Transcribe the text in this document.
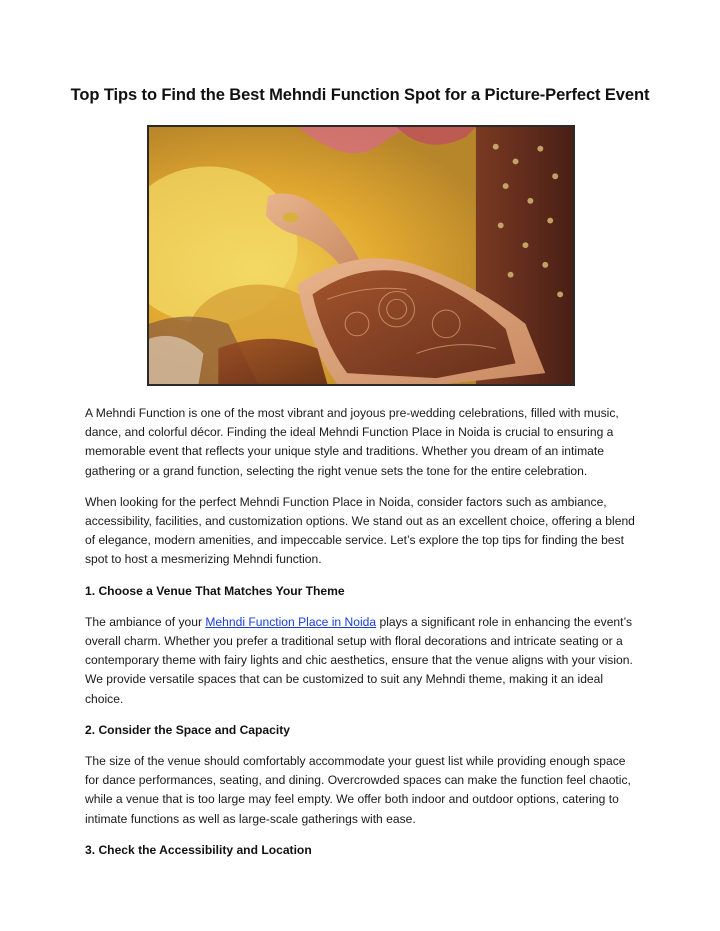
Top Tips to Find the Best Mehndi Function Spot for a Picture-Perfect Event

A Mehndi Function is one of the most vibrant and joyous pre-wedding celebrations, filled with music, dance, and colorful décor. Finding the ideal Mehndi Function Place in Noida is crucial to ensuring a memorable event that reflects your unique style and traditions. Whether you dream of an intimate gathering or a grand function, selecting the right venue sets the tone for the entire celebration.

When looking for the perfect Mehndi Function Place in Noida, consider factors such as ambiance, accessibility, facilities, and customization options. We stand out as an excellent choice, offering a blend of elegance, modern amenities, and impeccable service. Let’s explore the top tips for finding the best spot to host a mesmerizing Mehndi function.

1. Choose a Venue That Matches Your Theme

The ambiance of your Mehndi Function Place in Noida plays a significant role in enhancing the event’s overall charm. Whether you prefer a traditional setup with floral decorations and intricate seating or a contemporary theme with fairy lights and chic aesthetics, ensure that the venue aligns with your vision. We provide versatile spaces that can be customized to suit any Mehndi theme, making it an ideal choice.

2. Consider the Space and Capacity

The size of the venue should comfortably accommodate your guest list while providing enough space for dance performances, seating, and dining. Overcrowded spaces can make the function feel chaotic, while a venue that is too large may feel empty. We offer both indoor and outdoor options, catering to intimate functions as well as large-scale gatherings with ease.

3. Check the Accessibility and Location
